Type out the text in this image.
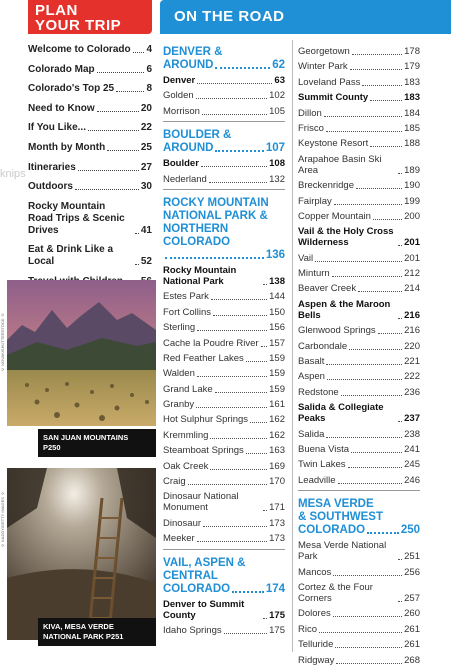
PLAN
YOUR TRIP
ON THE ROAD
knips
Welcome to Colorado 4
Colorado Map	6
Colorado's Top 25	8
Need to Know	20
If You Like...	22
Month by Month	25
Itineraries	27
Outdoors	30
Rocky Mountain Road Trips & Scenic Drives	41
Eat & Drink Like a Local	52
© NOVAK/SHUTTERSTOCK ©
SAN JUAN MOUNTAINS
P250
© KADDY/GETTY IMAGES ©
KIVA, MESA VERDE
NATIONAL PARK P251
DENVER &
AROUND	62
Denver	63
Golden	102
Morrison	105
BOULDER &
AROUND	107
Boulder	108
Nederland	132
ROCKY MOUNTAIN
NATIONAL PARK &
NORTHERN COLORADO
136
Rocky Mountain National Park	138
Estes Park	144
Fort Collins	150
Sterling	156
Cache la Poudre River 157
Red Feather Lakes	159
Walden	159
Grand Lake	159
Granby	161
Hot Sulphur Springs 162
Kremmling	162
Steamboat Springs	163
Oak Creek	169
Craig	170
Dinosaur National Monument	171
Dinosaur	173
Meeker	173
VAIL, ASPEN &
CENTRAL
COLORADO	174
Denver to Summit County	175
Idaho Springs	175
Georgetown	178
Winter Park	179
Loveland Pass	183
Summit County	183
Dillon	184
Frisco	185
Keystone Resort	188
Arapahoe Basin Ski Area	189
Breckenridge	190
Fairplay	199
Copper Mountain	200
Vail & the Holy Cross Wilderness	201
Vail	201
Minturn	212
Beaver Creek	214
Aspen & the Maroon Bells	216
Glenwood Springs	216
Carbondale	220
Basalt	221
Aspen	222
Redstone	236
Salida & Collegiate Peaks	237
Salida	238
Buena Vista	241
Twin Lakes	245
Leadville	246
MESA VERDE
& SOUTHWEST
COLORADO	250
Mesa Verde National Park	251
Mancos	256
Cortez & the Four Corners	257
Dolores	260
Rico	261
Telluride	261
Ridgway	268
